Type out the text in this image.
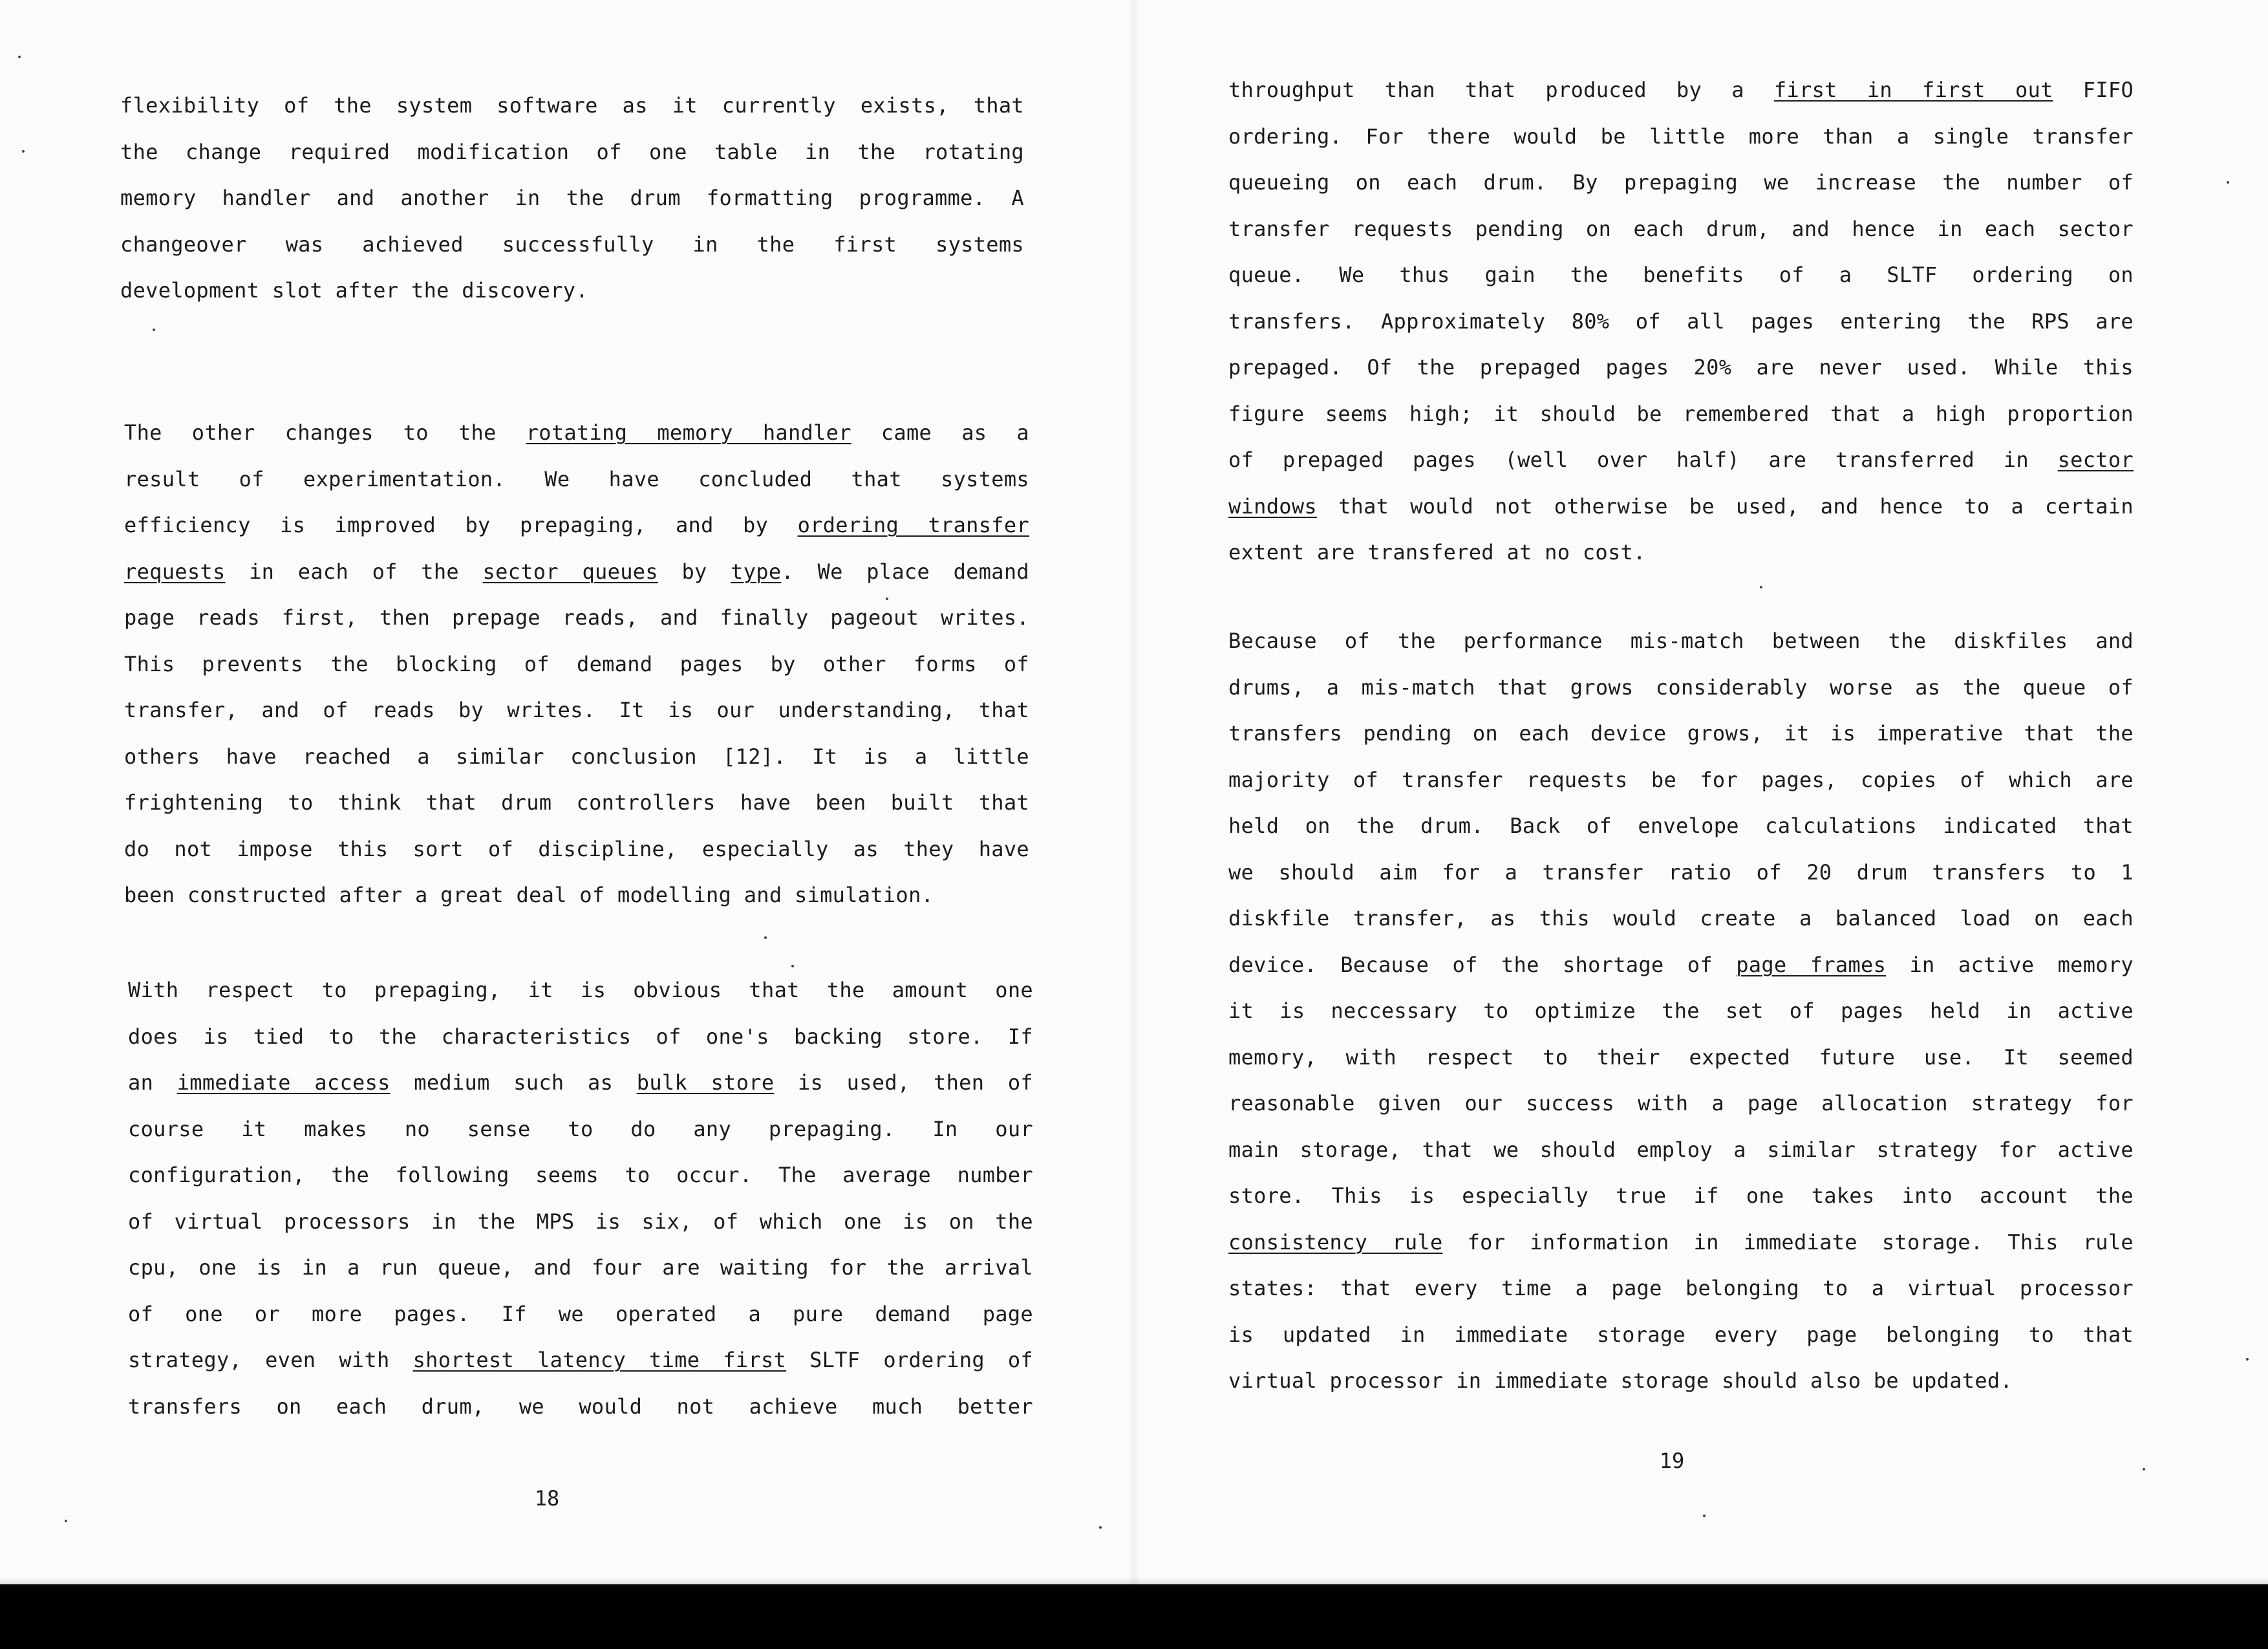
flexibility of the system software as it currently exists, that
the change required modification of one table in the rotating
memory handler and another in the drum formatting programme. A
changeover was achieved successfully in the first systems
development slot after the discovery.
The other changes to the rotating memory handler came as a
result of experimentation. We have concluded that systems
efficiency is improved by prepaging, and by ordering transfer
requests in each of the sector queues by type. We place demand
page reads first, then prepage reads, and finally pageout writes.
This prevents the blocking of demand pages by other forms of
transfer, and of reads by writes. It is our understanding, that
others have reached a similar conclusion [12]. It is a little
frightening to think that drum controllers have been built that
do not impose this sort of discipline, especially as they have
been constructed after a great deal of modelling and simulation.
With respect to prepaging, it is obvious that the amount one
does is tied to the characteristics of one's backing store. If
an immediate access medium such as bulk store is used, then of
course it makes no sense to do any prepaging. In our
configuration, the following seems to occur. The average number
of virtual processors in the MPS is six, of which one is on the
cpu, one is in a run queue, and four are waiting for the arrival
of one or more pages. If we operated a pure demand page
strategy, even with shortest latency time first SLTF ordering of
transfers on each drum, we would not achieve much better
18
throughput than that produced by a first in first out FIFO
ordering. For there would be little more than a single transfer
queueing on each drum. By prepaging we increase the number of
transfer requests pending on each drum, and hence in each sector
queue. We thus gain the benefits of a SLTF ordering on
transfers. Approximately 80% of all pages entering the RPS are
prepaged. Of the prepaged pages 20% are never used. While this
figure seems high; it should be remembered that a high proportion
of prepaged pages (well over half) are transferred in sector
windows that would not otherwise be used, and hence to a certain
extent are transfered at no cost.
Because of the performance mis-match between the diskfiles and
drums, a mis-match that grows considerably worse as the queue of
transfers pending on each device grows, it is imperative that the
majority of transfer requests be for pages, copies of which are
held on the drum. Back of envelope calculations indicated that
we should aim for a transfer ratio of 20 drum transfers to 1
diskfile transfer, as this would create a balanced load on each
device. Because of the shortage of page frames in active memory
it is neccessary to optimize the set of pages held in active
memory, with respect to their expected future use. It seemed
reasonable given our success with a page allocation strategy for
main storage, that we should employ a similar strategy for active
store. This is especially true if one takes into account the
consistency rule for information in immediate storage. This rule
states: that every time a page belonging to a virtual processor
is updated in immediate storage every page belonging to that
virtual processor in immediate storage should also be updated.
19
